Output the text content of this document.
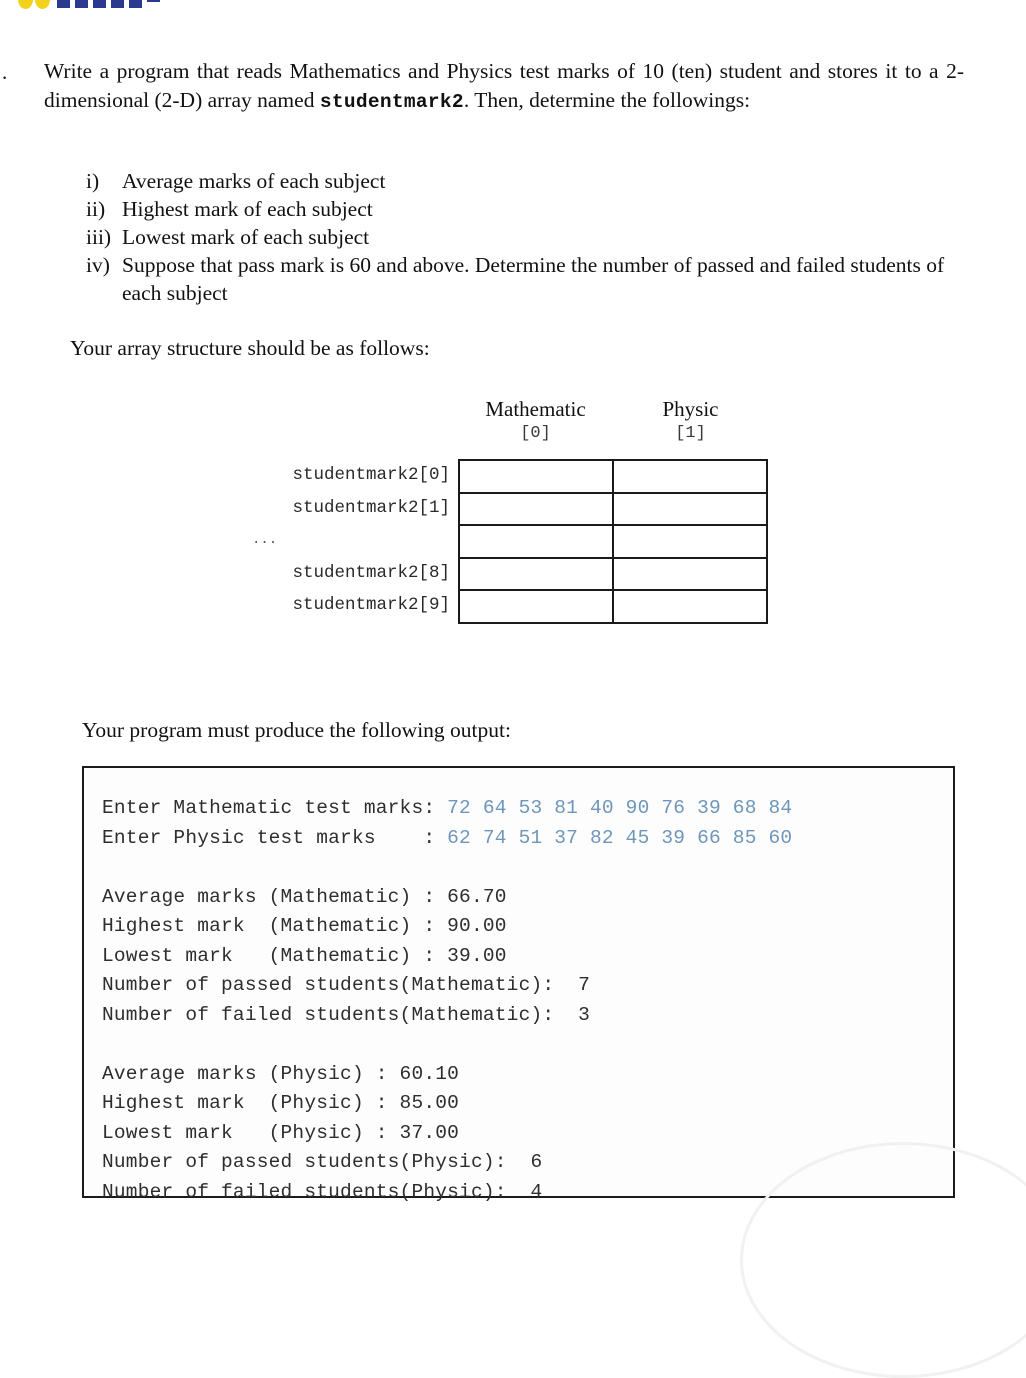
. Write a program that reads Mathematics and Physics test marks of 10 (ten) student and stores it to a 2-dimensional (2-D) array named studentmark2. Then, determine the followings:
i)	Average marks of each subject
ii) Highest mark of each subject
iii) Lowest mark of each subject
iv) Suppose that pass mark is 60 and above. Determine the number of passed and failed students of each subject
Your array structure should be as follows:
Mathematic
[0]
Physic
[1]
studentmark2[0]
studentmark2[1]
...
studentmark2[8]
studentmark2[9]
Your program must produce the following output:
Enter Mathematic test marks: 72 64 53 81 40 90 76 39 68 84
Enter Physic test marks    : 62 74 51 37 82 45 39 66 85 60
Average marks (Mathematic) : 66.70
Highest mark  (Mathematic) : 90.00
Lowest mark   (Mathematic) : 39.00
Number of passed students(Mathematic):  7
Number of failed students(Mathematic):  3
Average marks (Physic) : 60.10
Highest mark  (Physic) : 85.00
Lowest mark   (Physic) : 37.00
Number of passed students(Physic):  6
Number of failed students(Physic):  4
